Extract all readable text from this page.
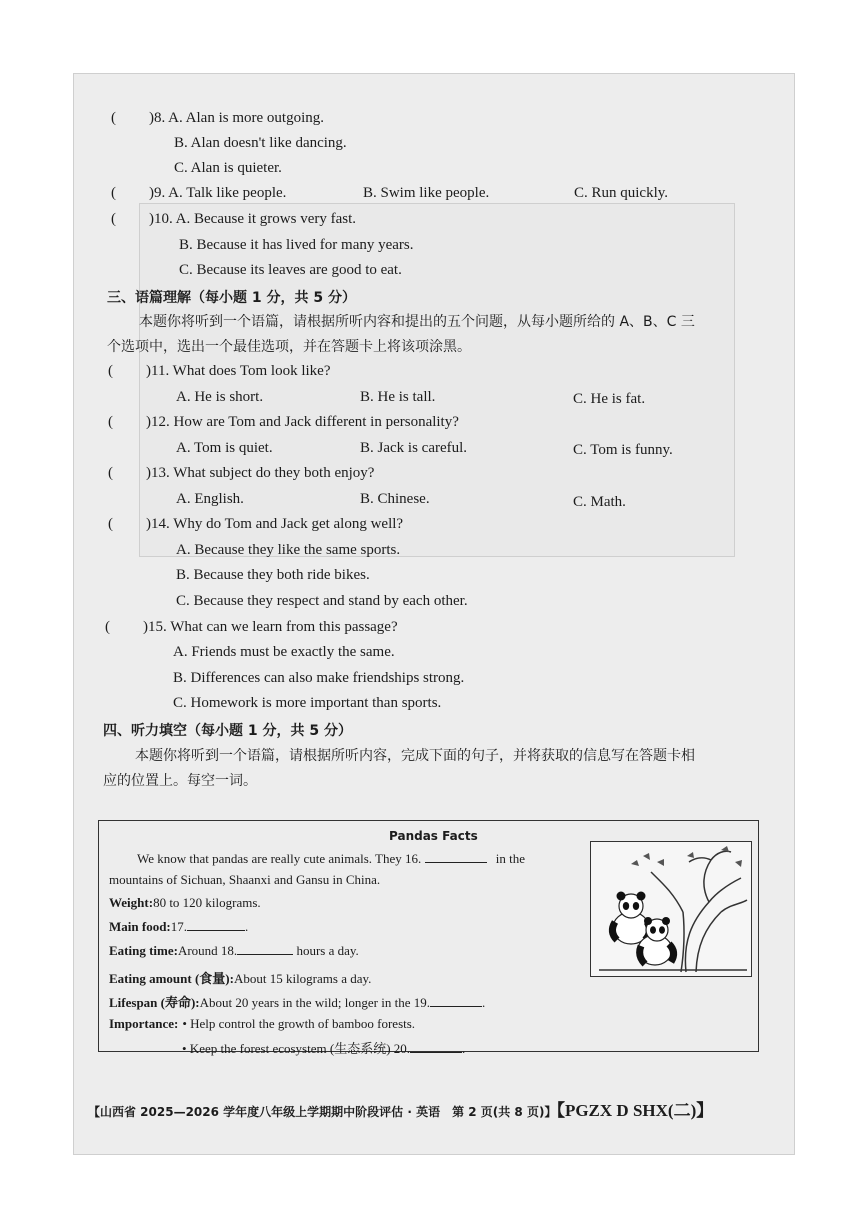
( )8. A. Alan is more outgoing.
B. Alan doesn't like dancing.
C. Alan is quieter.
( )9. A. Talk like people.	B. Swim like people.	C. Run quickly.
( )10. A. Because it grows very fast.
B. Because it has lived for many years.
C. Because its leaves are good to eat.
三、语篇理解（每小题 1 分，共 5 分）
本题你将听到一个语篇，请根据所听内容和提出的五个问题，从每小题所给的 A、B、C 三
个选项中，选出一个最佳选项，并在答题卡上将该项涂黑。
( )11. What does Tom look like?
A. He is short.	B. He is tall.	C. He is fat.
( )12. How are Tom and Jack different in personality?
A. Tom is quiet.	B. Jack is careful.	C. Tom is funny.
( )13. What subject do they both enjoy?
A. English.	B. Chinese.	C. Math.
( )14. Why do Tom and Jack get along well?
A. Because they like the same sports.
B. Because they both ride bikes.
C. Because they respect and stand by each other.
( )15. What can we learn from this passage?
A. Friends must be exactly the same.
B. Differences can also make friendships strong.
C. Homework is more important than sports.
四、听力填空（每小题 1 分，共 5 分）
本题你将听到一个语篇，请根据所听内容，完成下面的句子，并将获取的信息写在答题卡相
应的位置上。每空一词。
Pandas Facts
We know that pandas are really cute animals. They 16.	in the
mountains of Sichuan, Shaanxi and Gansu in China.
Weight:80 to 120 kilograms.
Main food:17.	.
Eating time:Around 18.	hours a day.
Eating amount (食量):About 15 kilograms a day.
Lifespan (寿命):About 20 years in the wild; longer in the 19.	.
Importance: • Help control the growth of bamboo forests.
• Keep the forest ecosystem (生态系统) 20.	.
【山西省 2025—2026 学年度八年级上学期期中阶段评估 · 英语　第 2 页(共 8 页)】【PGZX D SHX(二)】
